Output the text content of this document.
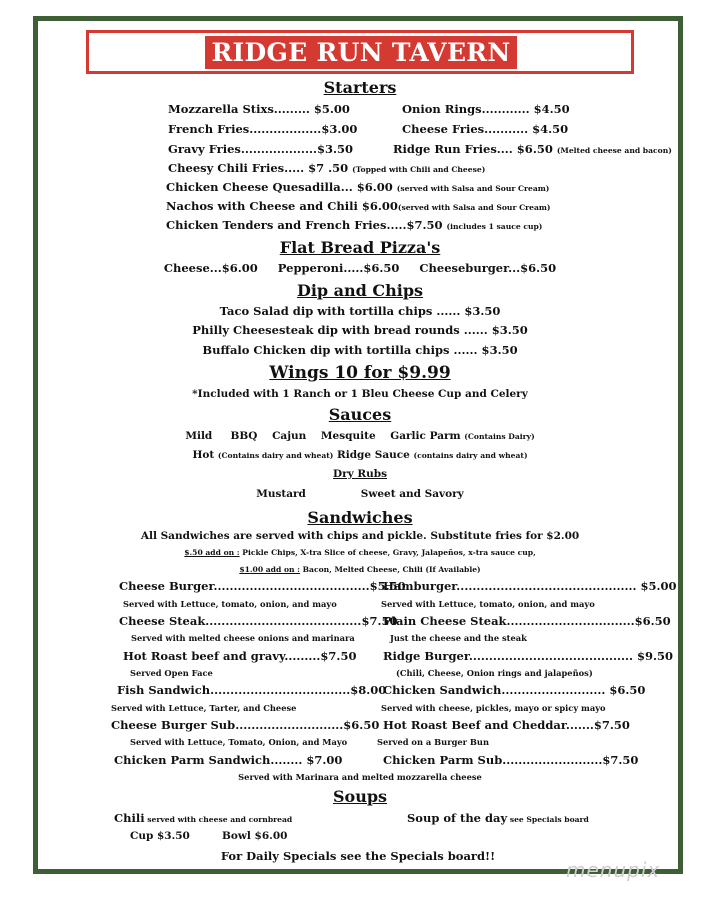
RIDGE RUN TAVERN
Starters
Mozzarella Stixs......... $5.00	Onion Rings............ $4.50
French Fries..................$3.00	Cheese Fries........... $4.50
Gravy Fries...................$3.50	Ridge Run Fries.... $6.50 (Melted cheese and bacon)
Cheesy Chili Fries..... $7 .50 (Topped with Chili and Cheese)
Chicken Cheese Quesadilla... $6.00 (served with Salsa and Sour Cream)
Nachos with Cheese and Chili $6.00(served with Salsa and Sour Cream)
Chicken Tenders and French Fries.....$7.50 (includes 1 sauce cup)
Flat Bread Pizza's
Cheese...$6.00     Pepperoni.....$6.50     Cheeseburger...$6.50
Dip and Chips
Taco Salad dip with tortilla chips ...... $3.50
Philly Cheesesteak dip with bread rounds ...... $3.50
Buffalo Chicken dip with tortilla chips ...... $3.50
Wings 10 for $9.99
*Included with 1 Ranch or 1 Bleu Cheese Cup and Celery
Sauces
Mild     BBQ    Cajun    Mesquite    Garlic Parm (Contains Dairy)
Hot (Contains dairy and wheat) Ridge Sauce (contains dairy and wheat)
Dry Rubs
Mustard               Sweet and Savory
Sandwiches
All Sandwiches are served with chips and pickle. Substitute fries for $2.00
$.50 add on : Pickle Chips, X-tra Slice of cheese, Gravy, Jalapeños, x-tra sauce cup,
$1.00 add on : Bacon, Melted Cheese, Chili (If Available)
Cheese Burger.......................................$5.50
Served with Lettuce, tomato, onion, and mayo
Hamburger............................................. $5.00
Served with Lettuce, tomato, onion, and mayo
Cheese Steak.......................................$7.50
Served with melted cheese onions and marinara
Plain Cheese Steak................................$6.50
Just the cheese and the steak
Hot Roast beef and gravy.........$7.50
Served Open Face
Ridge Burger......................................... $9.50
(Chili, Cheese, Onion rings and jalapeños)
Fish Sandwich...................................$8.00
Served with Lettuce, Tarter, and Cheese
Chicken Sandwich.......................... $6.50
Served with cheese, pickles, mayo or spicy mayo
Cheese Burger Sub...........................$6.50
Served with Lettuce, Tomato, Onion, and Mayo
Hot Roast Beef and Cheddar.......$7.50
Served on a Burger Bun
Chicken Parm Sandwich........ $7.00	Chicken Parm Sub.........................$7.50
Served with Marinara and melted mozzarella cheese
Soups
Chili served with cheese and cornbread	Soup of the day see Specials board
Cup $3.50	Bowl $6.00
For Daily Specials see the Specials board!!
menupix
